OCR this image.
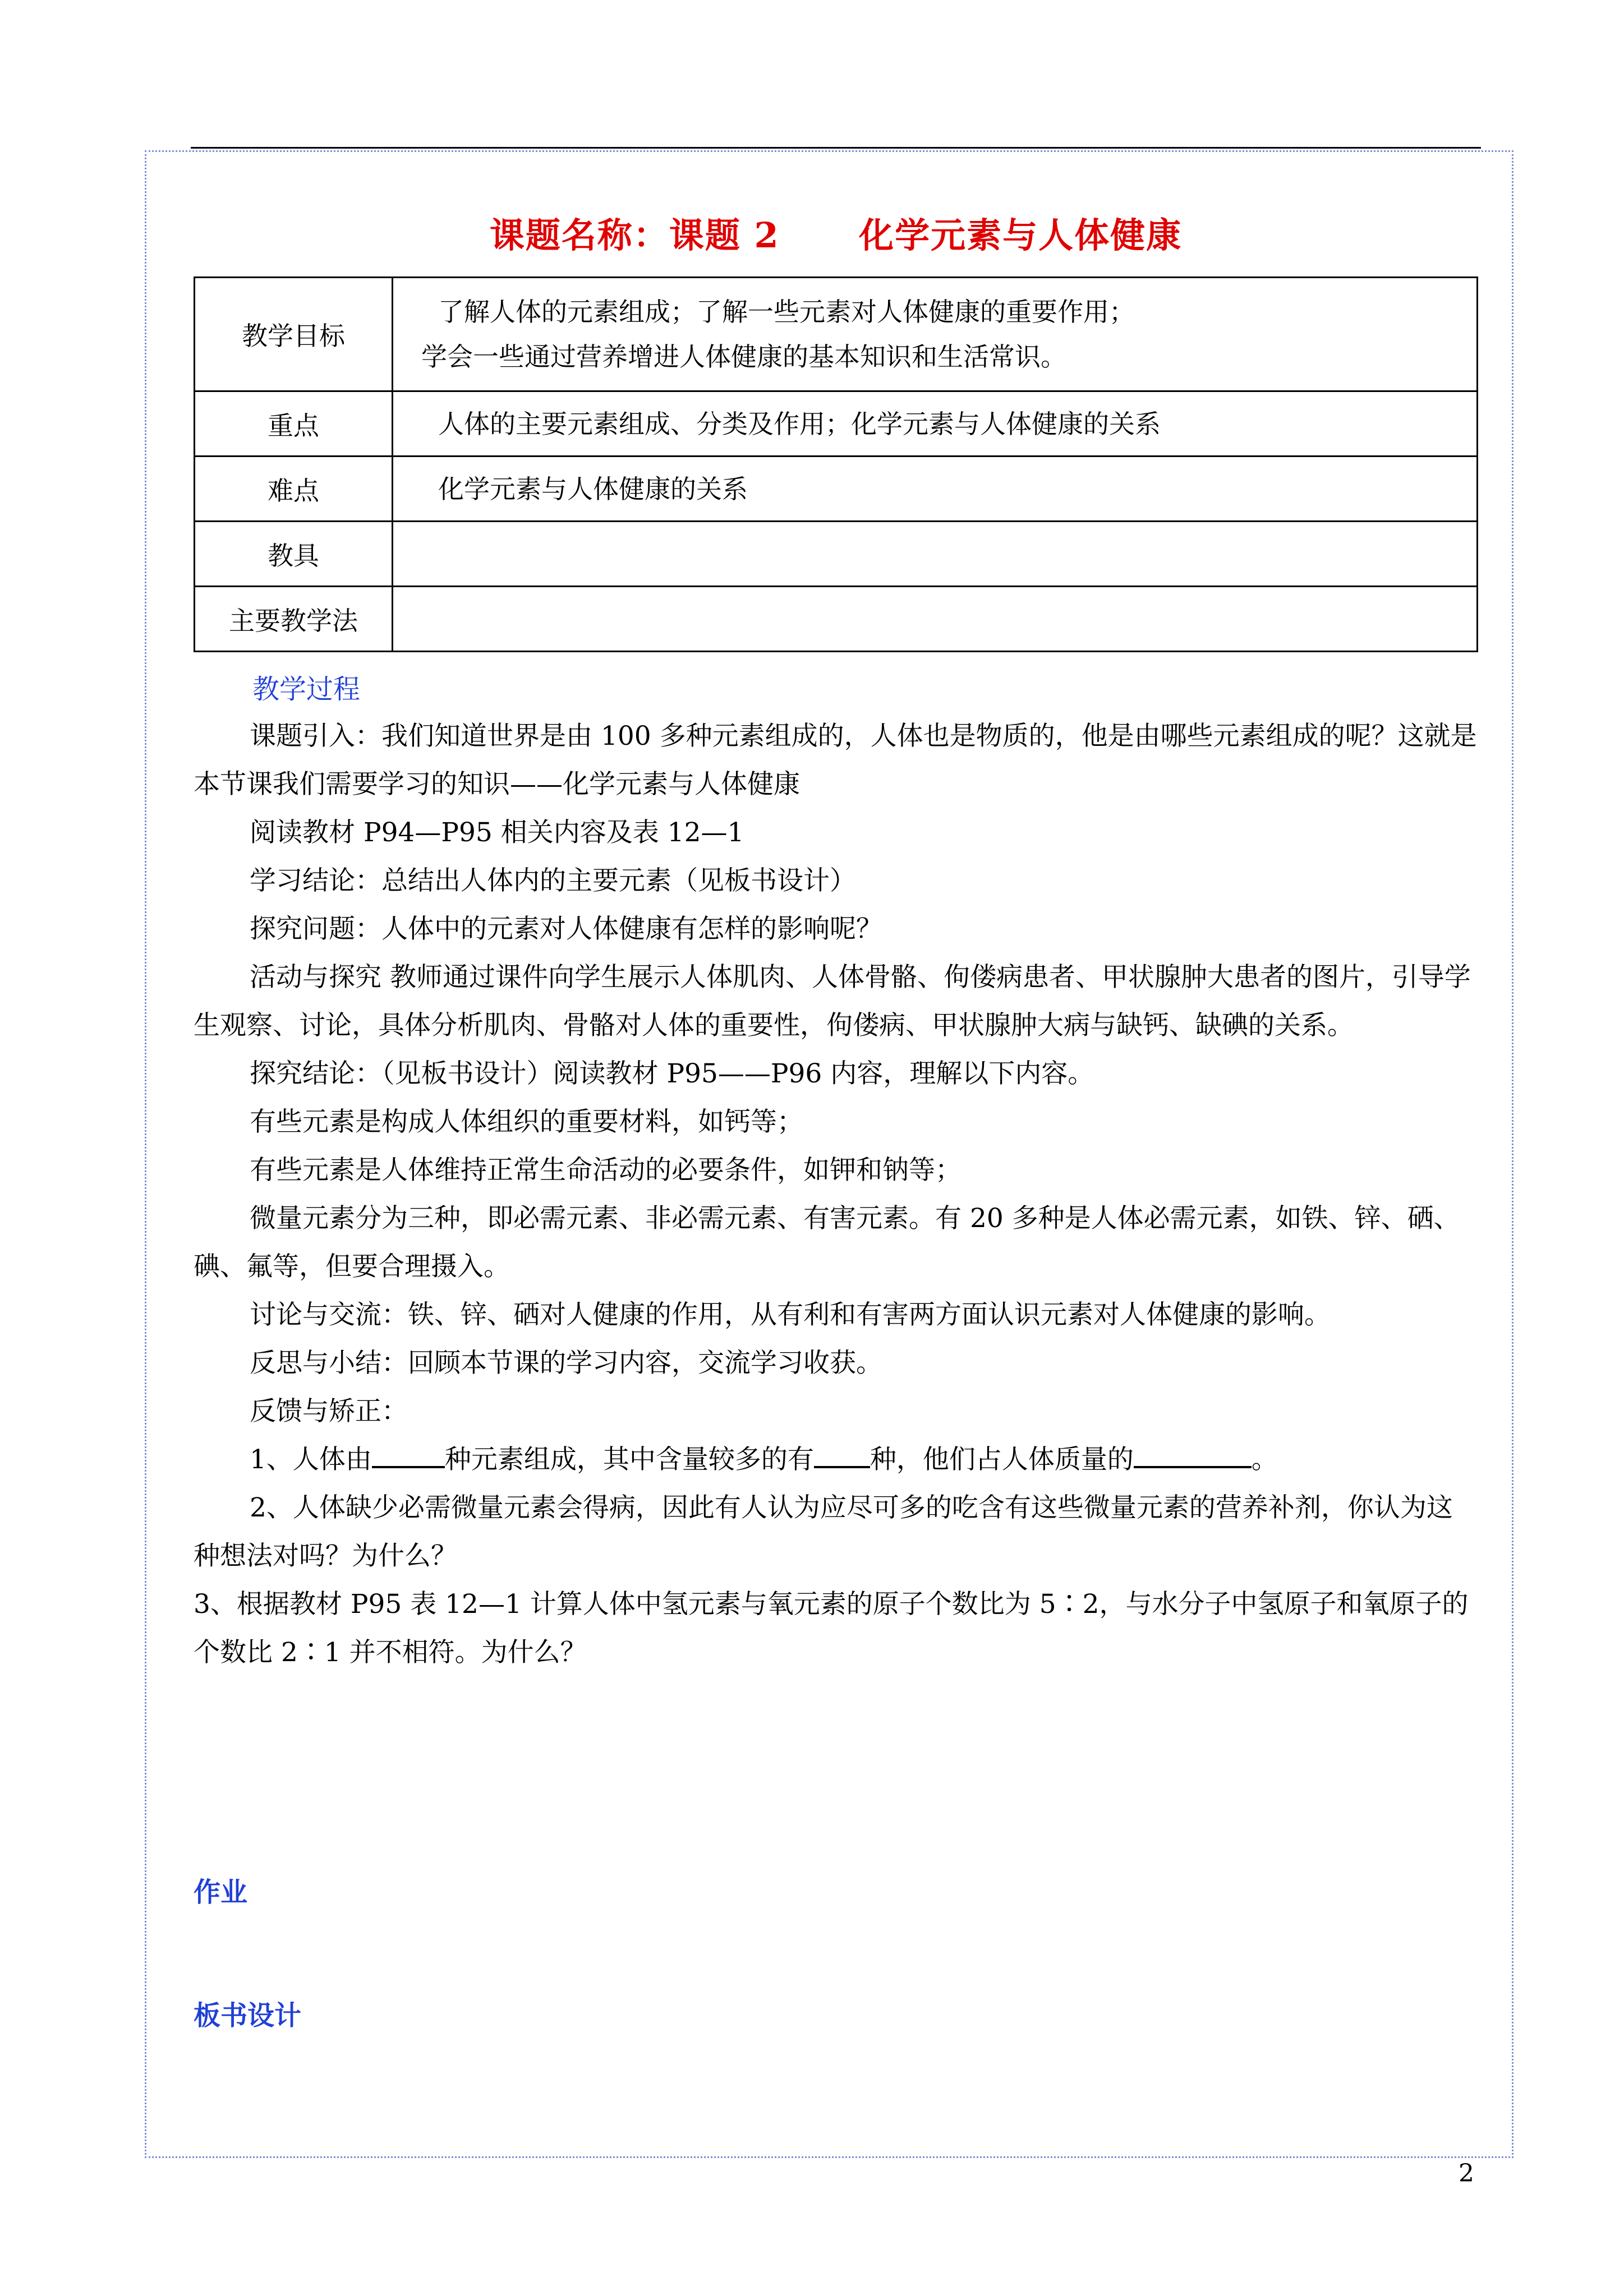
课题名称：课题 2      化学元素与人体健康
教学目标	了解人体的元素组成；了解一些元素对人体健康的重要作用；
学会一些通过营养增进人体健康的基本知识和生活常识。

重点	人体的主要元素组成、分类及作用；化学元素与人体健康的关系
难点	化学元素与人体健康的关系
教具	
主要教学法	
教学过程

课题引入：我们知道世界是由 100 多种元素组成的，人体也是物质的，他是由哪些元素组成的呢？这就是本节课我们需要学习的知识——化学元素与人体健康

阅读教材 P94—P95 相关内容及表 12—1

学习结论：总结出人体内的主要元素（见板书设计）

探究问题：人体中的元素对人体健康有怎样的影响呢？

活动与探究 教师通过课件向学生展示人体肌肉、人体骨骼、佝偻病患者、甲状腺肿大患者的图片，引导学生观察、讨论，具体分析肌肉、骨骼对人体的重要性，佝偻病、甲状腺肿大病与缺钙、缺碘的关系。

探究结论：（见板书设计）阅读教材 P95——P96 内容，理解以下内容。

有些元素是构成人体组织的重要材料，如钙等；

有些元素是人体维持正常生命活动的必要条件，如钾和钠等；

微量元素分为三种，即必需元素、非必需元素、有害元素。有 20 多种是人体必需元素，如铁、锌、硒、碘、氟等，但要合理摄入。

讨论与交流：铁、锌、硒对人健康的作用，从有利和有害两方面认识元素对人体健康的影响。

反思与小结：回顾本节课的学习内容，交流学习收获。

反馈与矫正：

1、人体由	种元素组成，其中含量较多的有 种，他们占人体质量的	。

2、人体缺少必需微量元素会得病，因此有人认为应尽可多的吃含有这些微量元素的营养补剂，你认为这种想法对吗？为什么？

3、根据教材 P95 表 12—1 计算人体中氢元素与氧元素的原子个数比为 5∶2，与水分子中氢原子和氧原子的个数比 2∶1 并不相符。为什么？

作业
板书设计
2
